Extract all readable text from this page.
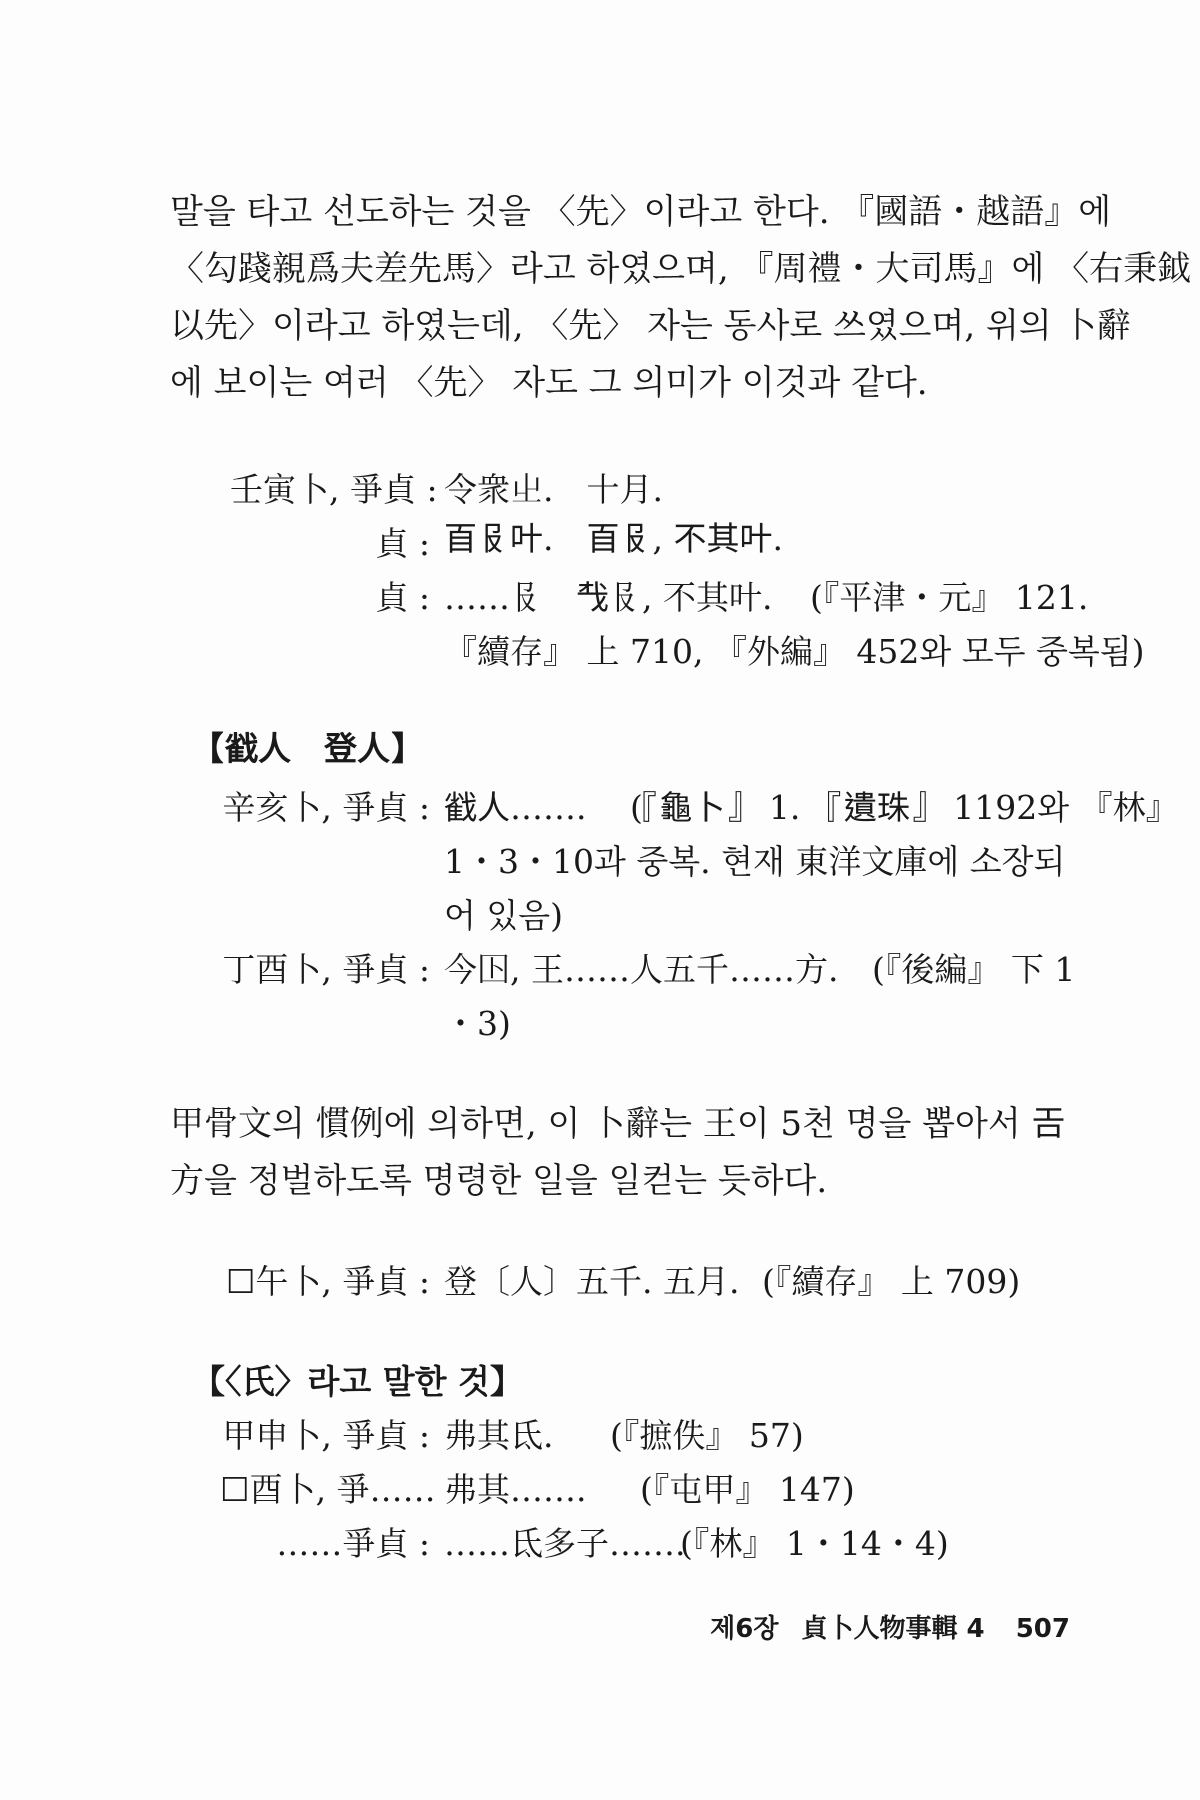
말을 타고 선도하는 것을 〈先〉이라고 한다. 『國語・越語』에
〈勾踐親爲夫差先馬〉라고 하였으며, 『周禮・大司馬』에 〈右秉鉞
以先〉이라고 하였는데, 〈先〉 자는 동사로 쓰였으며, 위의 卜辭
에 보이는 여러 〈先〉 자도 그 의미가 이것과 같다.
壬寅卜, 爭貞 : 令衆𡳿.　十月.
貞 : 𦣻𠬝叶.　𦣻𠬝, 不其叶.
貞 : ……𠬝　𢦔𠬝, 不其叶. (『平津・元』 121.
『續存』 上 710, 『外編』 452와 모두 중복됨)
【𢧵人　登人】
辛亥卜, 爭貞 : 𢧵人…….　 (『龜卜』 1. 『遺珠』 1192와 『林』
1・3・10과 중복. 현재 東洋文庫에 소장되
어 있음)
丁酉卜, 爭貞 : 今𡆥, 王……人五千……方. (『後編』 下 1
・3)
甲骨文의 慣例에 의하면, 이 卜辭는 王이 5천 명을 뽑아서 𢀛
方을 정벌하도록 명령한 일을 일컫는 듯하다.
☐午卜, 爭貞 : 登〔人〕五千. 五月. (『續存』 上 709)
【〈氏〉라고 말한 것】
甲申卜, 爭貞 : 弗其氐. (『摭佚』 57)
☐酉卜, 爭…… 弗其……. (『屯甲』 147)
……爭貞 : ……氐多子…….
(『林』 1・14・4)
제6장 貞卜人物事輯 4 507
